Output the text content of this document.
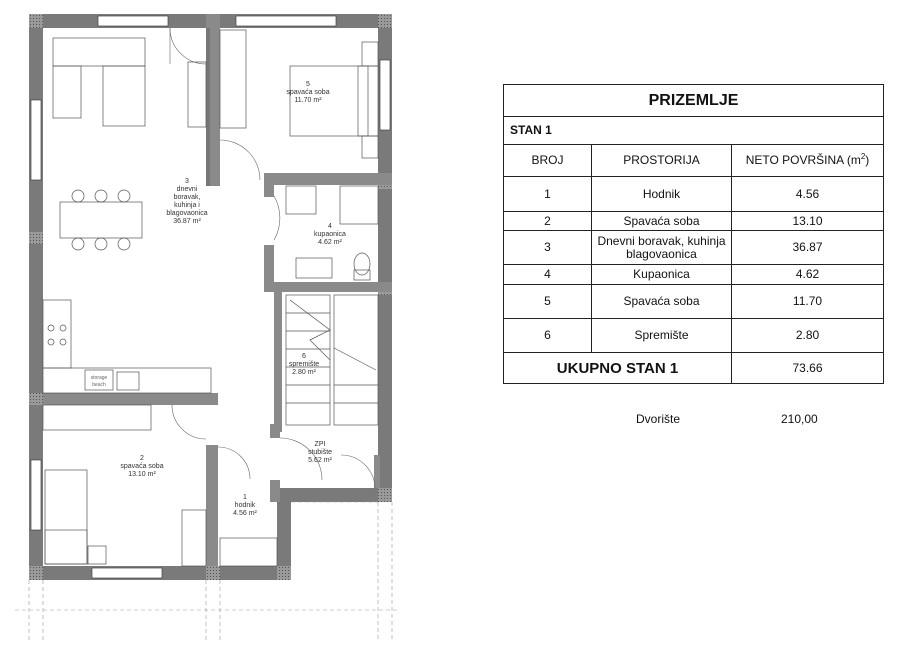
3
dnevni
boravak,
kuhinja i
blagovaonica
36.87 m²
5
spavaća soba
11.70 m²
4
kupaonica
4.62 m²
6
spremište
2.80 m²
2
spavaća soba
13.10 m²
1
hodnik
4.56 m²
ZPI
stubište
5.62 m²
storage
beach
PRIZEMLJE		
STAN 1		
BROJ	PROSTORIJA	NETO POVRŠINA $(m^2)$
1	Hodnik	4.56
2	Spavaća soba	13.10
3	Dnevni boravak, kuhinja blagovaonica	36.87
4	Kupaonica	4.62
5	Spavaća soba	11.70
6	Spremište	2.80
UKUPNO STAN 1		73.66
Dvorište	210,00
